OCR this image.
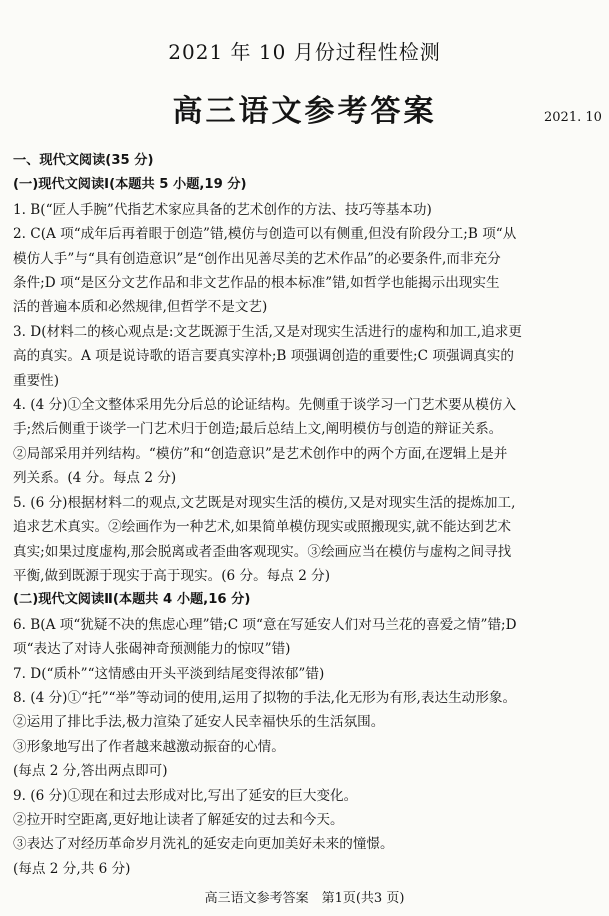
2021 年 10 月份过程性检测
高三语文参考答案	2021. 10
一、现代文阅读(35 分)
(一)现代文阅读Ⅰ(本题共 5 小题,19 分)
1. B(“匠人手腕”代指艺术家应具备的艺术创作的方法、技巧等基本功)
2. C(A 项“成年后再着眼于创造”错,模仿与创造可以有侧重,但没有阶段分工;B 项“从
模仿人手”与“具有创造意识”是“创作出见善尽美的艺术作品”的必要条件,而非充分
条件;D 项“是区分文艺作品和非文艺作品的根本标准”错,如哲学也能揭示出现实生
活的普遍本质和必然规律,但哲学不是文艺)
3. D(材料二的核心观点是:文艺既源于生活,又是对现实生活进行的虚构和加工,追求更
高的真实。A 项是说诗歌的语言要真实淳朴;B 项强调创造的重要性;C 项强调真实的
重要性)
4. (4 分)①全文整体采用先分后总的论证结构。先侧重于谈学习一门艺术要从模仿入
手;然后侧重于谈学一门艺术归于创造;最后总结上文,阐明模仿与创造的辩证关系。
②局部采用并列结构。“模仿”和“创造意识”是艺术创作中的两个方面,在逻辑上是并
列关系。(4 分。每点 2 分)
5. (6 分)根据材料二的观点,文艺既是对现实生活的模仿,又是对现实生活的提炼加工,
追求艺术真实。②绘画作为一种艺术,如果简单模仿现实或照搬现实,就不能达到艺术
真实;如果过度虚构,那会脱离或者歪曲客观现实。③绘画应当在模仿与虚构之间寻找
平衡,做到既源于现实于高于现实。(6 分。每点 2 分)
(二)现代文阅读Ⅱ(本题共 4 小题,16 分)
6. B(A 项“犹疑不决的焦虑心理”错;C 项“意在写延安人们对马兰花的喜爱之情”错;D
项“表达了对诗人张碣神奇预测能力的惊叹”错)
7. D(“质朴”“这情感由开头平淡到结尾变得浓郁”错)
8. (4 分)①“托”“举”等动词的使用,运用了拟物的手法,化无形为有形,表达生动形象。
②运用了排比手法,极力渲染了延安人民幸福快乐的生活氛围。
③形象地写出了作者越来越激动振奋的心情。
(每点 2 分,答出两点即可)
9. (6 分)①现在和过去形成对比,写出了延安的巨大变化。
②拉开时空距离,更好地让读者了解延安的过去和今天。
③表达了对经历革命岁月洗礼的延安走向更加美好未来的憧憬。
(每点 2 分,共 6 分)
高三语文参考答案　第1页(共3 页)
